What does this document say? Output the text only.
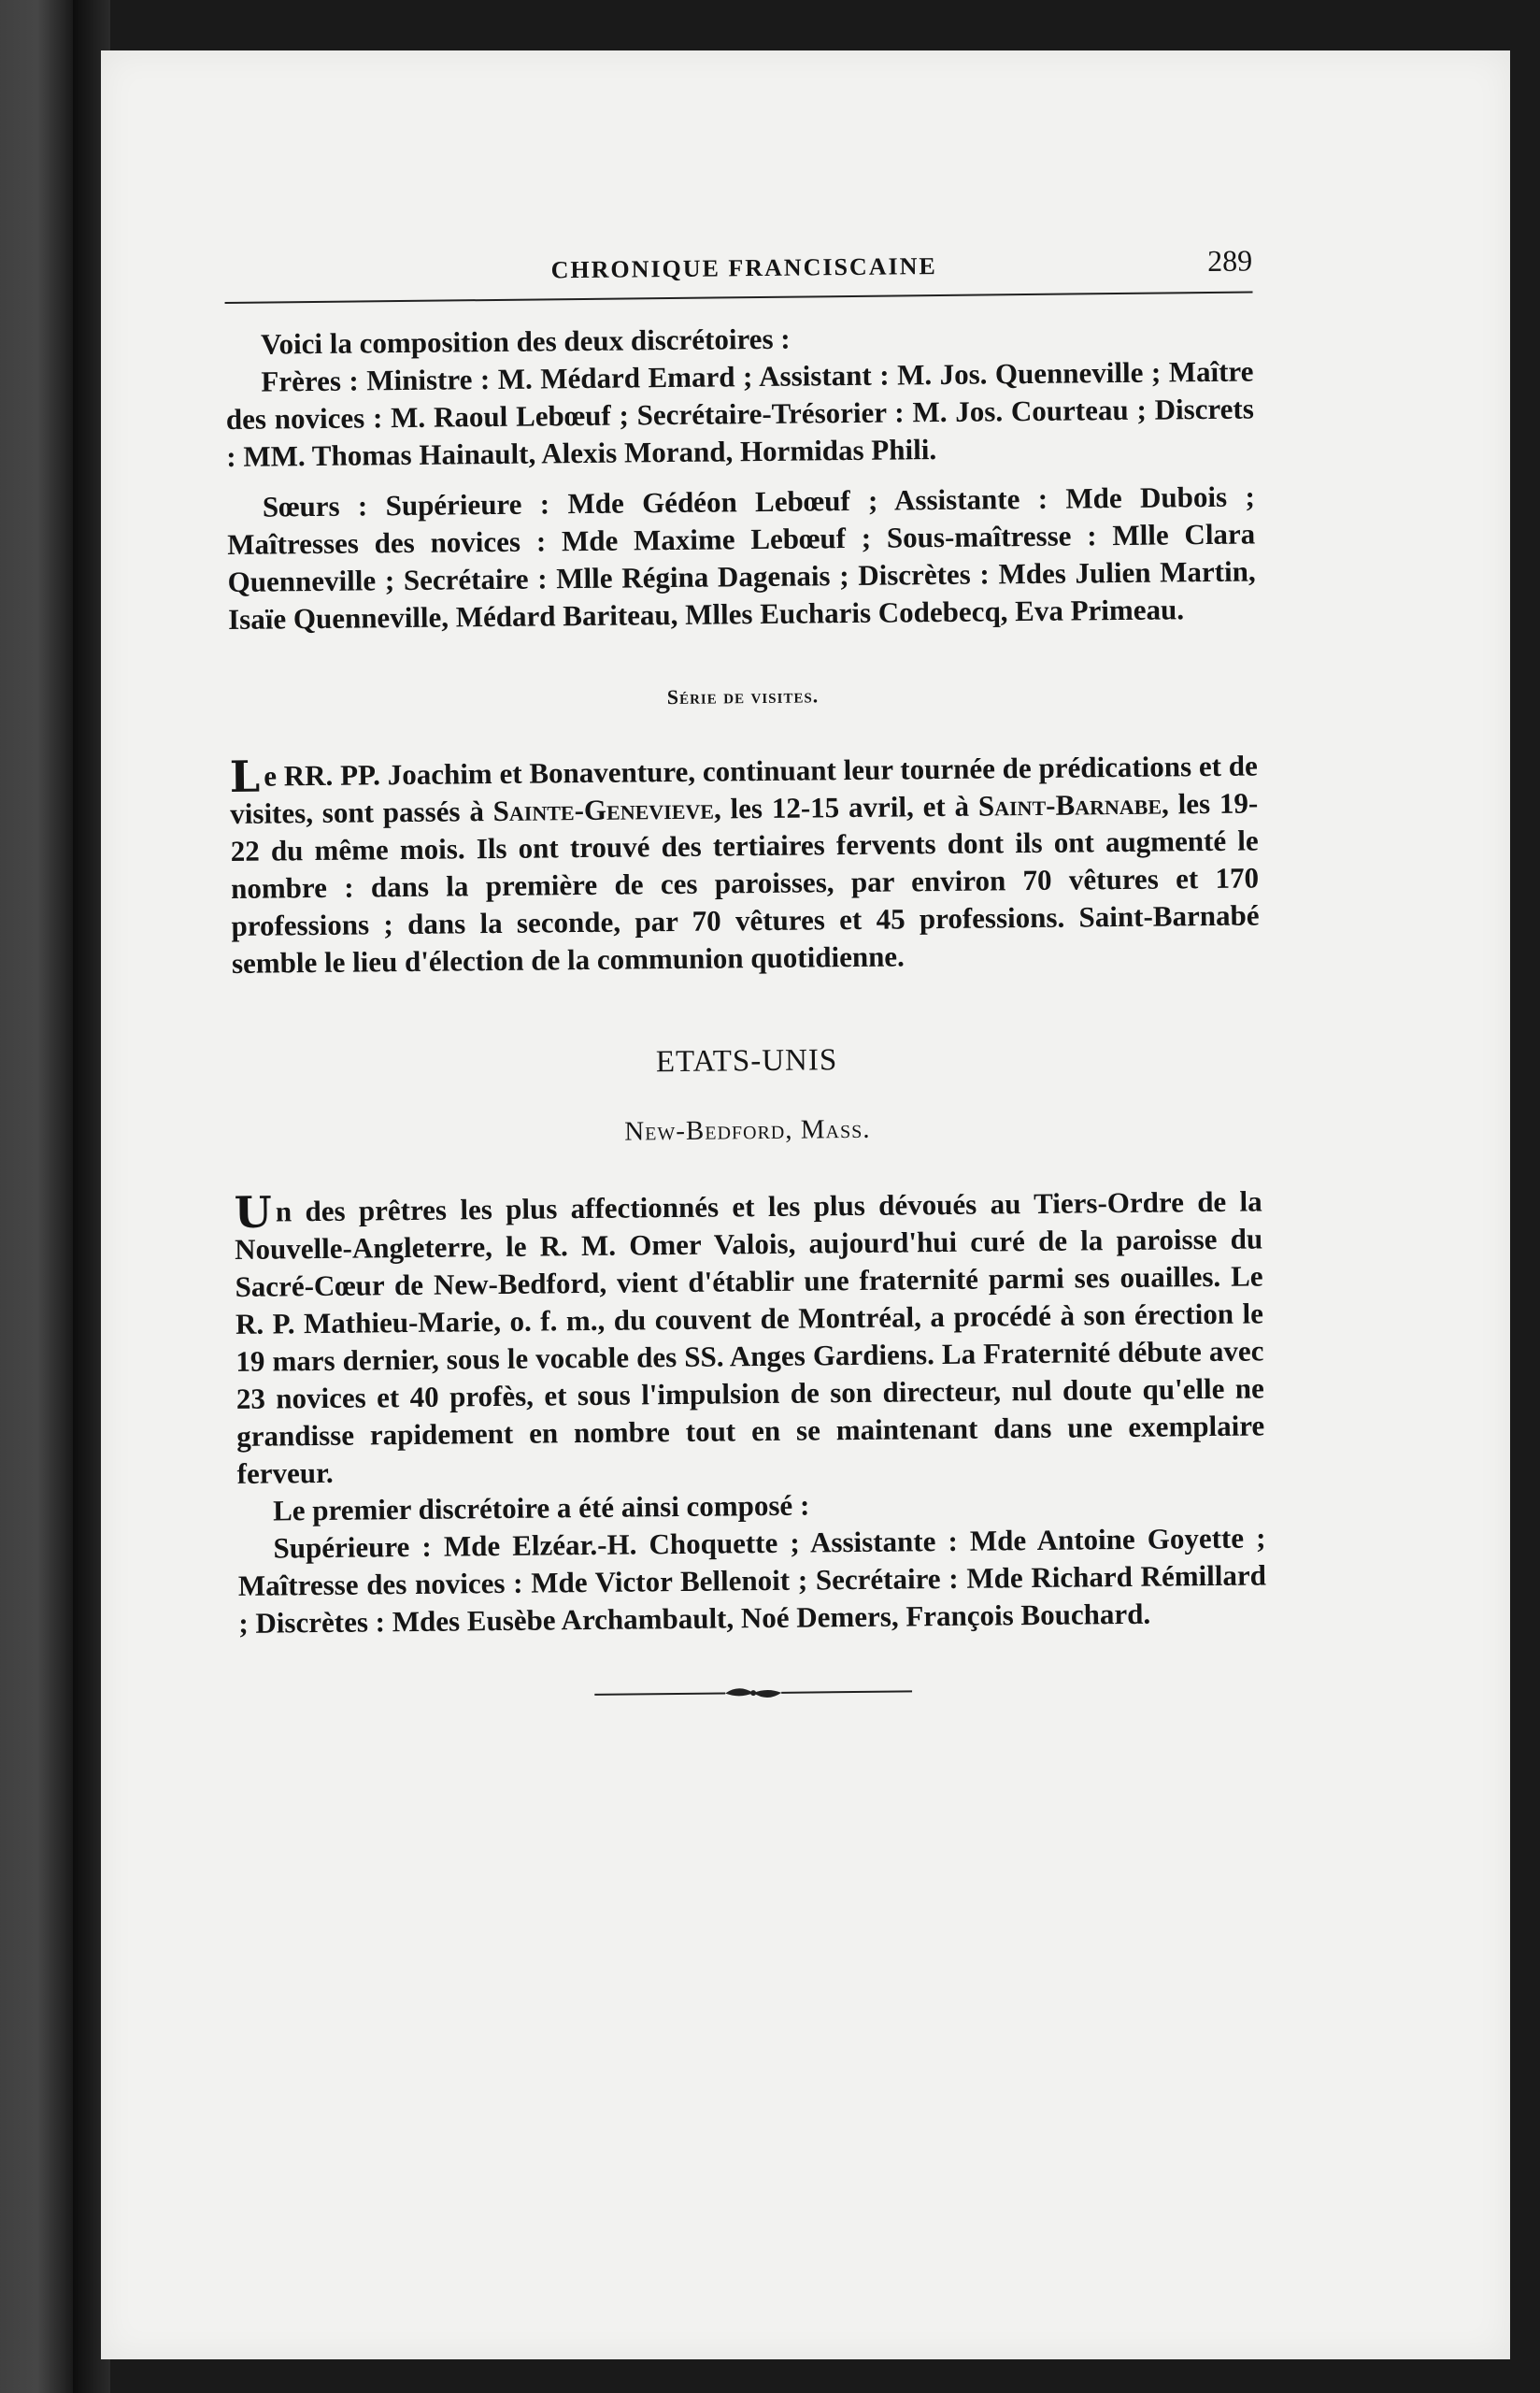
CHRONIQUE FRANCISCAINE	289

Voici la composition des deux discrétoires :

Frères : Ministre : M. Médard Emard ; Assistant : M. Jos. Quenneville ; Maître des novices : M. Raoul Lebœuf ; Secrétaire-Trésorier : M. Jos. Courteau ; Discrets : MM. Thomas Hainault, Alexis Morand, Hormidas Phili.

Sœurs : Supérieure : Mde Gédéon Lebœuf ; Assistante : Mde Dubois ; Maîtresses des novices : Mde Maxime Lebœuf ; Sous-maîtresse : Mlle Clara Quenneville ; Secrétaire : Mlle Régina Dagenais ; Discrètes : Mdes Julien Martin, Isaïe Quenneville, Médard Bariteau, Mlles Eucharis Codebecq, Eva Primeau.

Série de visites.

L e RR. PP. Joachim et Bonaventure, continuant leur tournée de prédications et de visites, sont passés à Sainte-Genevieve, les 12-15 avril, et à Saint-Barnabe, les 19-22 du même mois. Ils ont trouvé des tertiaires fervents dont ils ont augmenté le nombre : dans la première de ces paroisses, par environ 70 vêtures et 170 professions ; dans la seconde, par 70 vêtures et 45 professions. Saint-Barnabé semble le lieu d'élection de la communion quotidienne.

ETATS-UNIS
New-Bedford, Mass.

U n des prêtres les plus affectionnés et les plus dévoués au Tiers-Ordre de la Nouvelle-Angleterre, le R. M. Omer Valois, aujourd'hui curé de la paroisse du Sacré-Cœur de New-Bedford, vient d'établir une fraternité parmi ses ouailles. Le R. P. Mathieu-Marie, o. f. m., du couvent de Montréal, a procédé à son érection le 19 mars dernier, sous le vocable des SS. Anges Gardiens. La Fraternité débute avec 23 novices et 40 profès, et sous l'impulsion de son directeur, nul doute qu'elle ne grandisse rapidement en nombre tout en se maintenant dans une exemplaire ferveur.

Le premier discrétoire a été ainsi composé :

Supérieure : Mde Elzéar.-H. Choquette ; Assistante : Mde Antoine Goyette ; Maîtresse des novices : Mde Victor Bellenoit ; Secrétaire : Mde Richard Rémillard ; Discrètes : Mdes Eusèbe Archambault, Noé Demers, François Bouchard.
